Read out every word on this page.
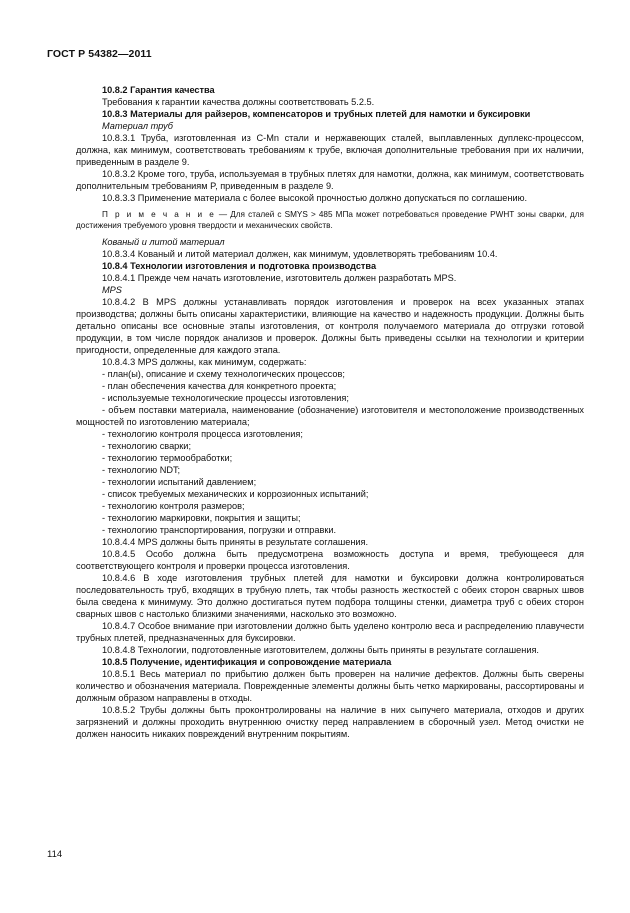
ГОСТ Р 54382—2011

10.8.2 Гарантия качества

Требования к гарантии качества должны соответствовать 5.2.5.

10.8.3 Материалы для райзеров, компенсаторов и трубных плетей для намотки и буксировки

Материал труб

10.8.3.1 Труба, изготовленная из C-Mn стали и нержавеющих сталей, выплавленных дуплекс-процессом, должна, как минимум, соответствовать требованиям к трубе, включая дополнительные требования при их наличии, приведенным в разделе 9.

10.8.3.2 Кроме того, труба, используемая в трубных плетях для намотки, должна, как минимум, соответствовать дополнительным требованиям P, приведенным в разделе 9.

10.8.3.3 Применение материала с более высокой прочностью должно допускаться по соглашению.

П р и м е ч а н и е — Для сталей с SMYS > 485 МПа может потребоваться проведение PWHT зоны сварки, для достижения требуемого уровня твердости и механических свойств.

Кованый и литой материал

10.8.3.4 Кованый и литой материал должен, как минимум, удовлетворять требованиям 10.4.

10.8.4 Технологии изготовления и подготовка производства

10.8.4.1 Прежде чем начать изготовление, изготовитель должен разработать MPS.

MPS

10.8.4.2 В MPS должны устанавливать порядок изготовления и проверок на всех указанных этапах производства; должны быть описаны характеристики, влияющие на качество и надежность продукции. Должны быть детально описаны все основные этапы изготовления, от контроля получаемого материала до отгрузки готовой продукции, в том числе порядок анализов и проверок. Должны быть приведены ссылки на технологии и критерии пригодности, определенные для каждого этапа.

10.8.4.3 MPS должны, как минимум, содержать:

- план(ы), описание и схему технологических процессов;

- план обеспечения качества для конкретного проекта;

- используемые технологические процессы изготовления;

- объем поставки материала, наименование (обозначение) изготовителя и местоположение производственных мощностей по изготовлению материала;

- технологию контроля процесса изготовления;

- технологию сварки;

- технологию термообработки;

- технологию NDT;

- технологии испытаний давлением;

- список требуемых механических и коррозионных испытаний;

- технологию контроля размеров;

- технологию маркировки, покрытия и защиты;

- технологию транспортирования, погрузки и отправки.

10.8.4.4 MPS должны быть приняты в результате соглашения.

10.8.4.5 Особо должна быть предусмотрена возможность доступа и время, требующееся для соответствующего контроля и проверки процесса изготовления.

10.8.4.6 В ходе изготовления трубных плетей для намотки и буксировки должна контролироваться последовательность труб, входящих в трубную плеть, так чтобы разность жесткостей с обеих сторон сварных швов была сведена к минимуму. Это должно достигаться путем подбора толщины стенки, диаметра труб с обеих сторон сварных швов с настолько близкими значениями, насколько это возможно.

10.8.4.7 Особое внимание при изготовлении должно быть уделено контролю веса и распределению плавучести трубных плетей, предназначенных для буксировки.

10.8.4.8 Технологии, подготовленные изготовителем, должны быть приняты в результате соглашения.

10.8.5 Получение, идентификация и сопровождение материала

10.8.5.1 Весь материал по прибытию должен быть проверен на наличие дефектов. Должны быть сверены количество и обозначения материала. Поврежденные элементы должны быть четко маркированы, рассортированы и должным образом направлены в отходы.

10.8.5.2 Трубы должны быть проконтролированы на наличие в них сыпучего материала, отходов и других загрязнений и должны проходить внутреннюю очистку перед направлением в сборочный узел. Метод очистки не должен наносить никаких повреждений внутренним покрытиям.

114
